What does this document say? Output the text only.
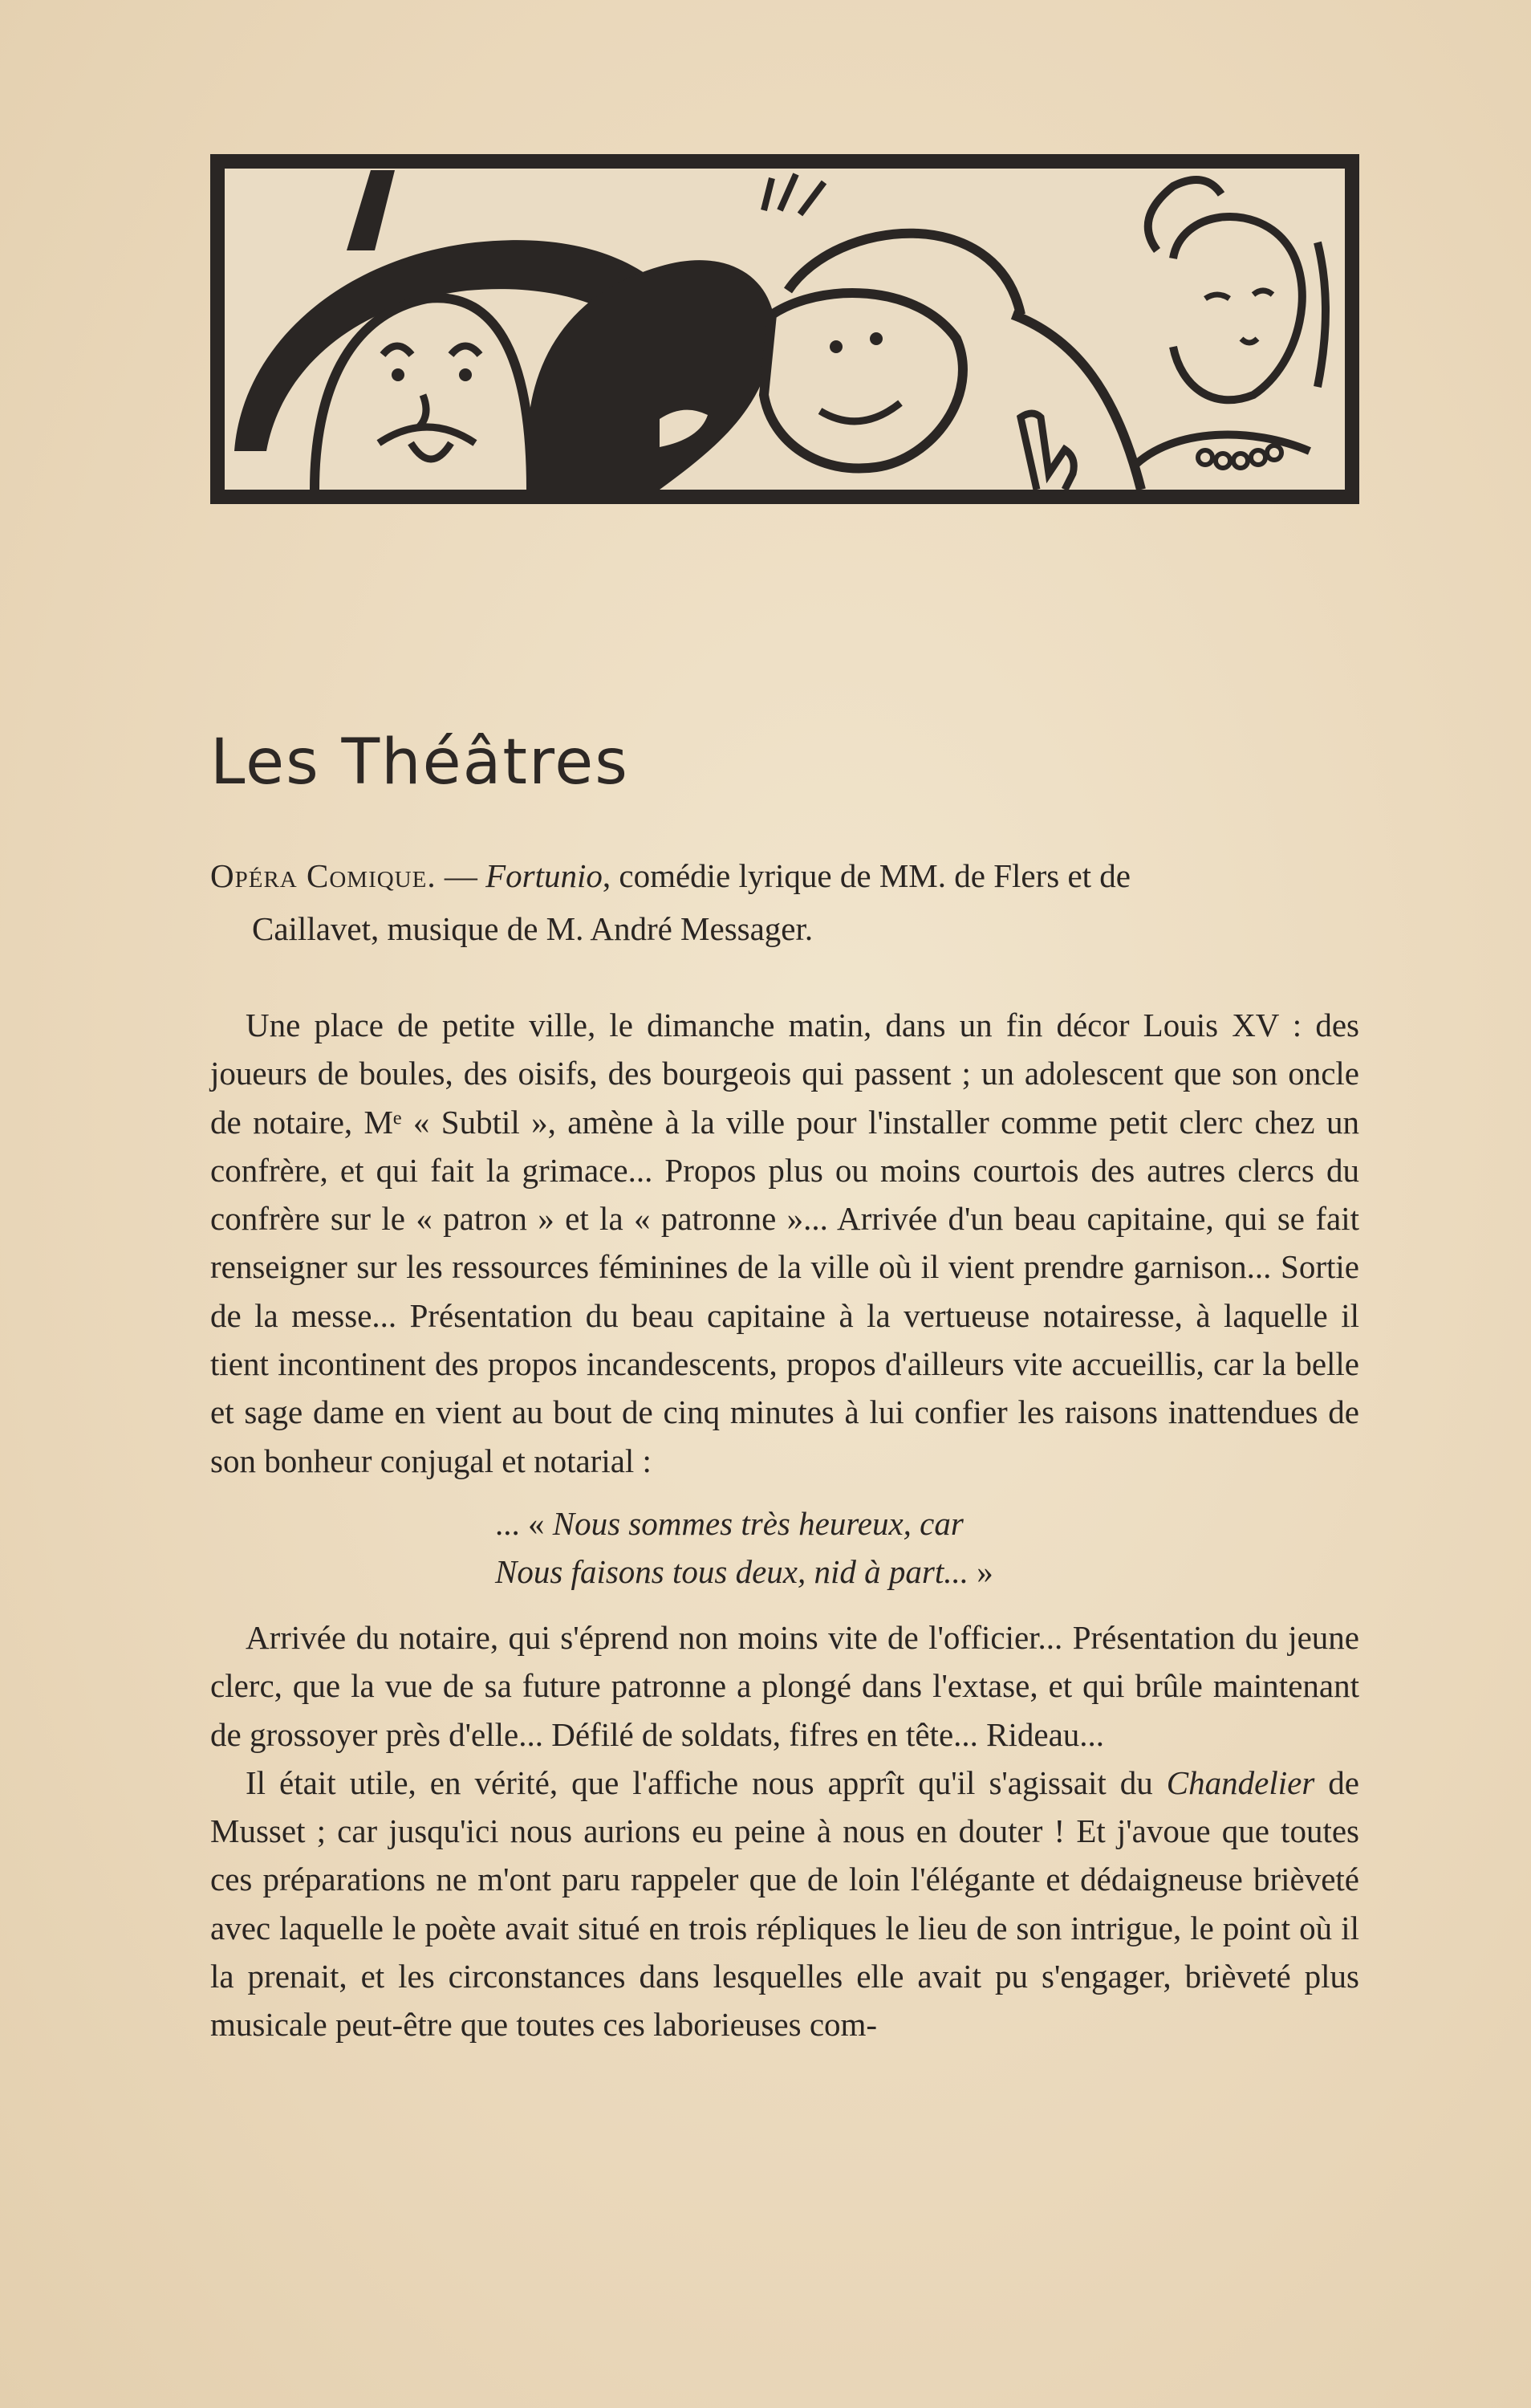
Les Théâtres
Opéra Comique. — Fortunio, comédie lyrique de MM. de Flers et de
Caillavet, musique de M. André Messager.

Une place de petite ville, le dimanche matin, dans un fin décor Louis XV : des joueurs de boules, des oisifs, des bourgeois qui passent ; un adolescent que son oncle de notaire, Mᵉ « Subtil », amène à la ville pour l'installer comme petit clerc chez un confrère, et qui fait la grimace... Propos plus ou moins courtois des autres clercs du confrère sur le « patron » et la « patronne »... Arrivée d'un beau capitaine, qui se fait renseigner sur les ressources féminines de la ville où il vient prendre garnison... Sortie de la messe... Présentation du beau capitaine à la vertueuse notairesse, à laquelle il tient incontinent des propos incandescents, propos d'ailleurs vite accueillis, car la belle et sage dame en vient au bout de cinq minutes à lui confier les raisons inattendues de son bonheur conjugal et notarial :

... « Nous sommes très heureux, car
Nous faisons tous deux, nid à part... »

Arrivée du notaire, qui s'éprend non moins vite de l'officier... Présentation du jeune clerc, que la vue de sa future patronne a plongé dans l'extase, et qui brûle maintenant de grossoyer près d'elle... Défilé de soldats, fifres en tête... Rideau...

Il était utile, en vérité, que l'affiche nous apprît qu'il s'agissait du Chandelier de Musset ; car jusqu'ici nous aurions eu peine à nous en douter ! Et j'avoue que toutes ces préparations ne m'ont paru rappeler que de loin l'élégante et dédaigneuse brièveté avec laquelle le poète avait situé en trois répliques le lieu de son intrigue, le point où il la prenait, et les circonstances dans lesquelles elle avait pu s'engager, brièveté plus musicale peut-être que toutes ces laborieuses com-
